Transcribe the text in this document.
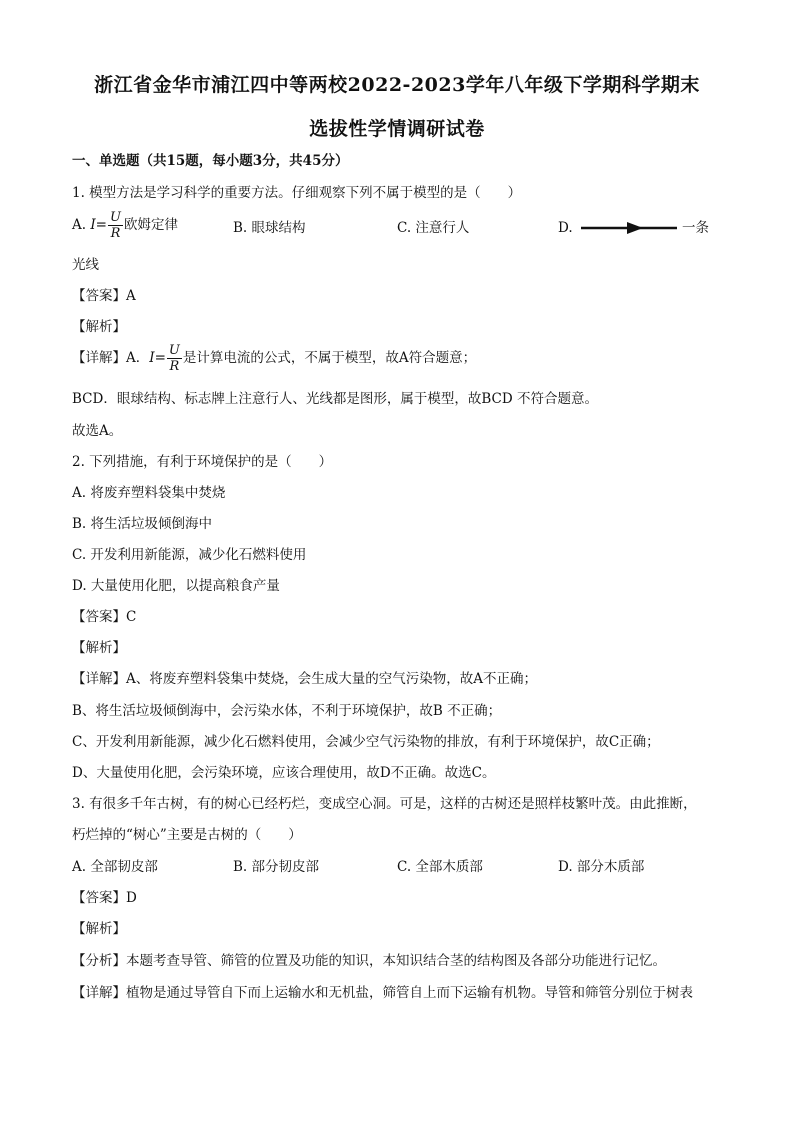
浙江省金华市浦江四中等两校2022-2023学年八年级下学期科学期末
选拔性学情调研试卷
一、单选题（共15题，每小题3分，共45分）
1. 模型方法是学习科学的重要方法。仔细观察下列不属于模型的是（　　）
A. $I= \frac{U}{R}$ 欧姆定律	B. 眼球结构	C. 注意行人	D.	一条
光线
【答案】A
【解析】
【详解】A．$I= \frac{U}{R}$ 是计算电流的公式，不属于模型，故A符合题意；
BCD．眼球结构、标志牌上注意行人、光线都是图形，属于模型，故BCD 不符合题意。
故选A。
2. 下列措施，有利于环境保护的是（　　）
A. 将废弃塑料袋集中焚烧
B. 将生活垃圾倾倒海中
C. 开发利用新能源，减少化石燃料使用
D. 大量使用化肥，以提高粮食产量
【答案】C
【解析】
【详解】A、将废弃塑料袋集中焚烧，会生成大量的空气污染物，故A不正确；
B、将生活垃圾倾倒海中，会污染水体，不利于环境保护，故B 不正确；
C、开发利用新能源，减少化石燃料使用，会减少空气污染物的排放，有利于环境保护，故C正确；
D、大量使用化肥，会污染环境，应该合理使用，故D不正确。故选C。
3. 有很多千年古树，有的树心已经朽烂，变成空心洞。可是，这样的古树还是照样枝繁叶茂。由此推断，
朽烂掉的“树心”主要是古树的（　　）
A. 全部韧皮部	B. 部分韧皮部	C. 全部木质部	D. 部分木质部
【答案】D
【解析】
【分析】本题考查导管、筛管的位置及功能的知识，本知识结合茎的结构图及各部分功能进行记忆。
【详解】植物是通过导管自下而上运输水和无机盐，筛管自上而下运输有机物。导管和筛管分别位于树表
